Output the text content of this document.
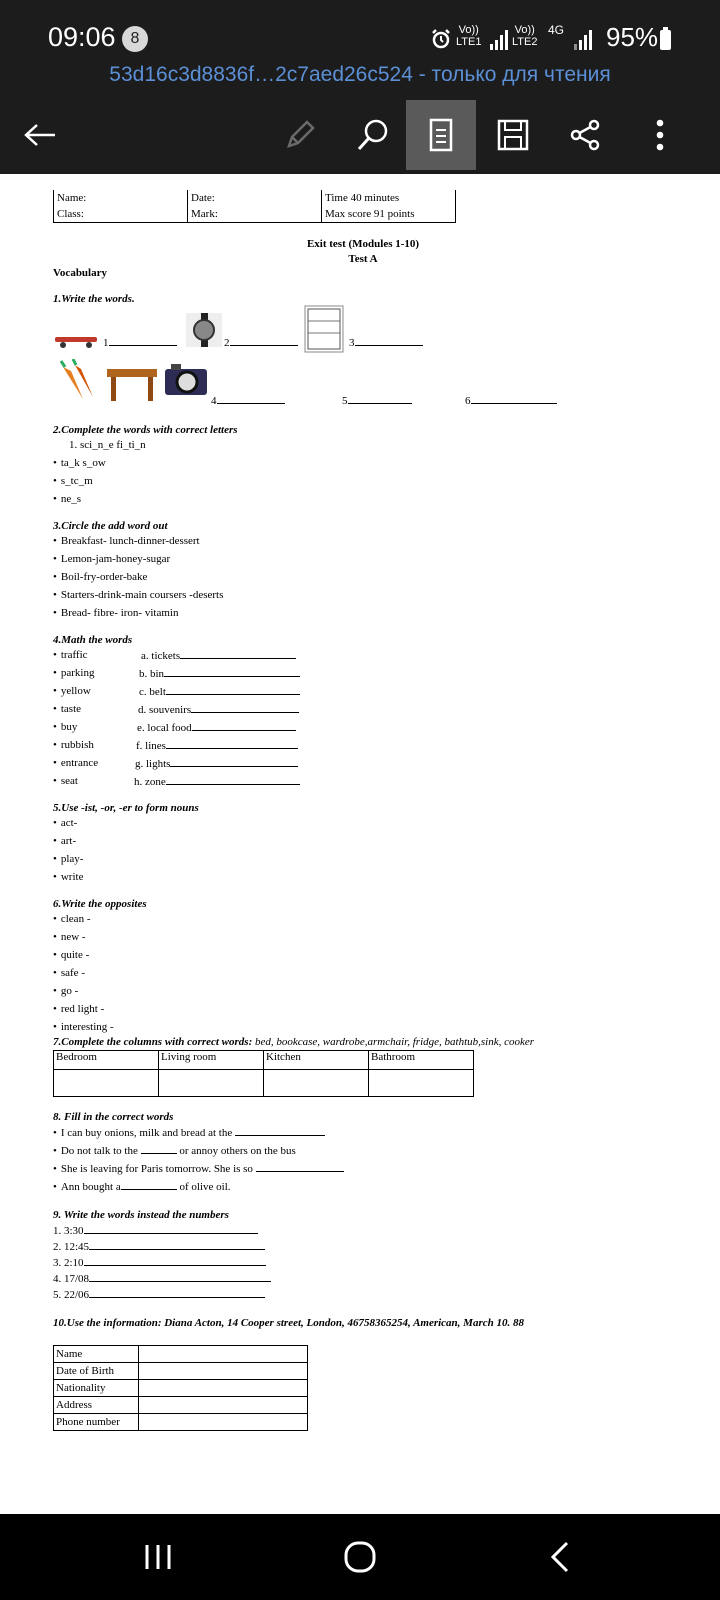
09:06 8	Vo))
LTE1
Vo))
LTE2
4G 95%
53d16c3d8836f…2c7aed26c524 - только для чтения
Name:	Date:	Time 40 minutes
Class:	Mark:	Max score 91 points
Exit test (Modules 1-10)
Test A
Vocabulary
1.Write the words.
1	2	3
4	5	6
2.Complete the words with correct letters
1. sci_n_e fi_ti_n
• ta_k s_ow
• s_tc_m
• ne_s
3.Circle the add word out
• Breakfast- lunch-dinner-dessert
• Lemon-jam-honey-sugar
• Boil-fry-order-bake
• Starters-drink-main coursers -deserts
• Bread- fibre- iron- vitamin
4.Math the words
• traffic	a. tickets
• parking	b. bin
• yellow	c. belt
• taste	d. souvenirs
• buy	e. local food
• rubbish	f. lines
• entrance	g. lights
• seat	h. zone
5.Use -ist, -or, -er to form nouns
• act-
• art-
• play-
• write
6.Write the opposites
• clean -
• new -
• quite -
• safe -
• go -
• red light -
• interesting -
7.Complete the columns with correct words: bed, bookcase, wardrobe,armchair, fridge, bathtub,sink, cooker
Bedroom	Living room	Kitchen	Bathroom

8. Fill in the correct words
• I can buy onions, milk and bread at the
• Do not talk to the	or annoy others on the bus
• She is leaving for Paris tomorrow. She is so
• Ann bought a	of olive oil.
9. Write the words instead the numbers
1. 3:30
2. 12:45
3. 2:10
4. 17/08
5. 22/06
10.Use the information: Diana Acton, 14 Cooper street, London, 46758365254, American, March 10. 88
Name	
Date of Birth	
Nationality	
Address	
Phone number	
